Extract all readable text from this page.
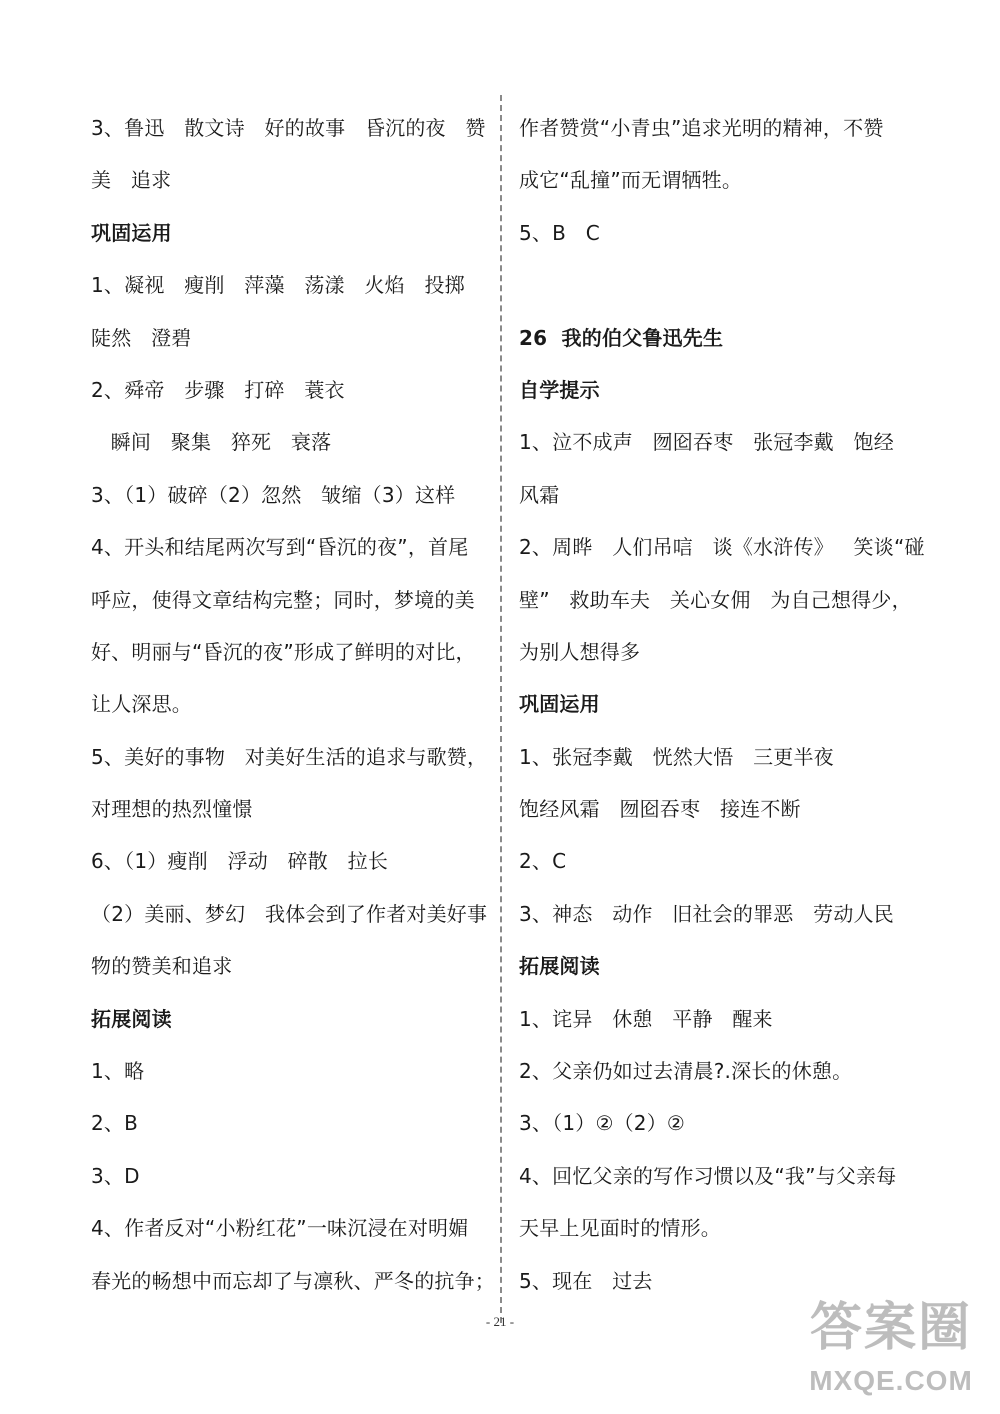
3、鲁迅   散文诗   好的故事   昏沉的夜   赞
美   追求
巩固运用
1、凝视   瘦削   萍藻   荡漾   火焰   投掷
陡然   澄碧
2、舜帝   步骤   打碎   蓑衣
瞬间   聚集   猝死   衰落
3、（1）破碎（2）忽然   皱缩（3）这样
4、开头和结尾两次写到“昏沉的夜”，首尾
呼应，使得文章结构完整；同时，梦境的美
好、明丽与“昏沉的夜”形成了鲜明的对比，
让人深思。
5、美好的事物   对美好生活的追求与歌赞，
对理想的热烈憧憬
6、（1）瘦削   浮动   碎散   拉长
（2）美丽、梦幻   我体会到了作者对美好事
物的赞美和追求
拓展阅读
1、略
2、B
3、D
4、作者反对“小粉红花”一味沉浸在对明媚
春光的畅想中而忘却了与凛秋、严冬的抗争；
作者赞赏“小青虫”追求光明的精神，不赞
成它“乱撞”而无谓牺牲。
5、B   C
26  我的伯父鲁迅先生
自学提示
1、泣不成声   囫囵吞枣   张冠李戴   饱经
风霜
2、周晔   人们吊唁   谈《水浒传》   笑谈“碰
壁”   救助车夫   关心女佣   为自己想得少，
为别人想得多
巩固运用
1、张冠李戴   恍然大悟   三更半夜
饱经风霜   囫囵吞枣   接连不断
2、C
3、神态   动作   旧社会的罪恶   劳动人民
拓展阅读
1、诧异   休憩   平静   醒来
2、父亲仍如过去清晨?.深长的休憩。
3、（1）②（2）②
4、回忆父亲的写作习惯以及“我”与父亲每
天早上见面时的情形。
5、现在   过去
- 21 -	答案圈
MXQE.COM
